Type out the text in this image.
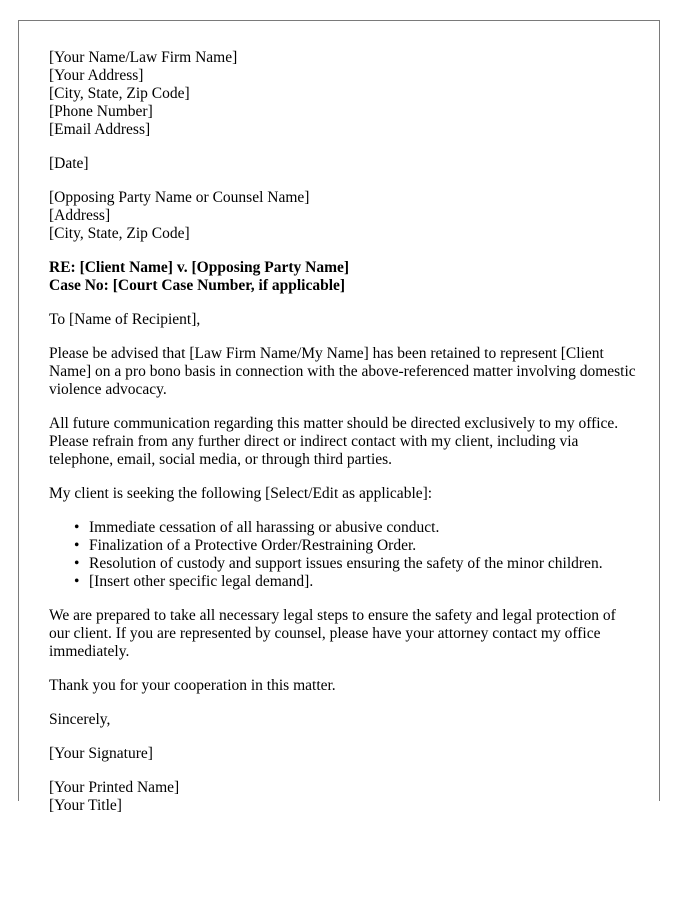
[Your Name/Law Firm Name]
[Your Address]
[City, State, Zip Code]
[Phone Number]
[Email Address]
[Date]
[Opposing Party Name or Counsel Name]
[Address]
[City, State, Zip Code]
RE: [Client Name] v. [Opposing Party Name]
Case No: [Court Case Number, if applicable]

To [Name of Recipient],

Please be advised that [Law Firm Name/My Name] has been retained to represent [Client Name] on a pro bono basis in connection with the above-referenced matter involving domestic violence advocacy.

All future communication regarding this matter should be directed exclusively to my office. Please refrain from any further direct or indirect contact with my client, including via telephone, email, social media, or through third parties.

My client is seeking the following [Select/Edit as applicable]:

• Immediate cessation of all harassing or abusive conduct.
• Finalization of a Protective Order/Restraining Order.
• Resolution of custody and support issues ensuring the safety of the minor children.
• [Insert other specific legal demand].

We are prepared to take all necessary legal steps to ensure the safety and legal protection of our client. If you are represented by counsel, please have your attorney contact my office immediately.

Thank you for your cooperation in this matter.

Sincerely,

[Your Signature]

[Your Printed Name]
[Your Title]
